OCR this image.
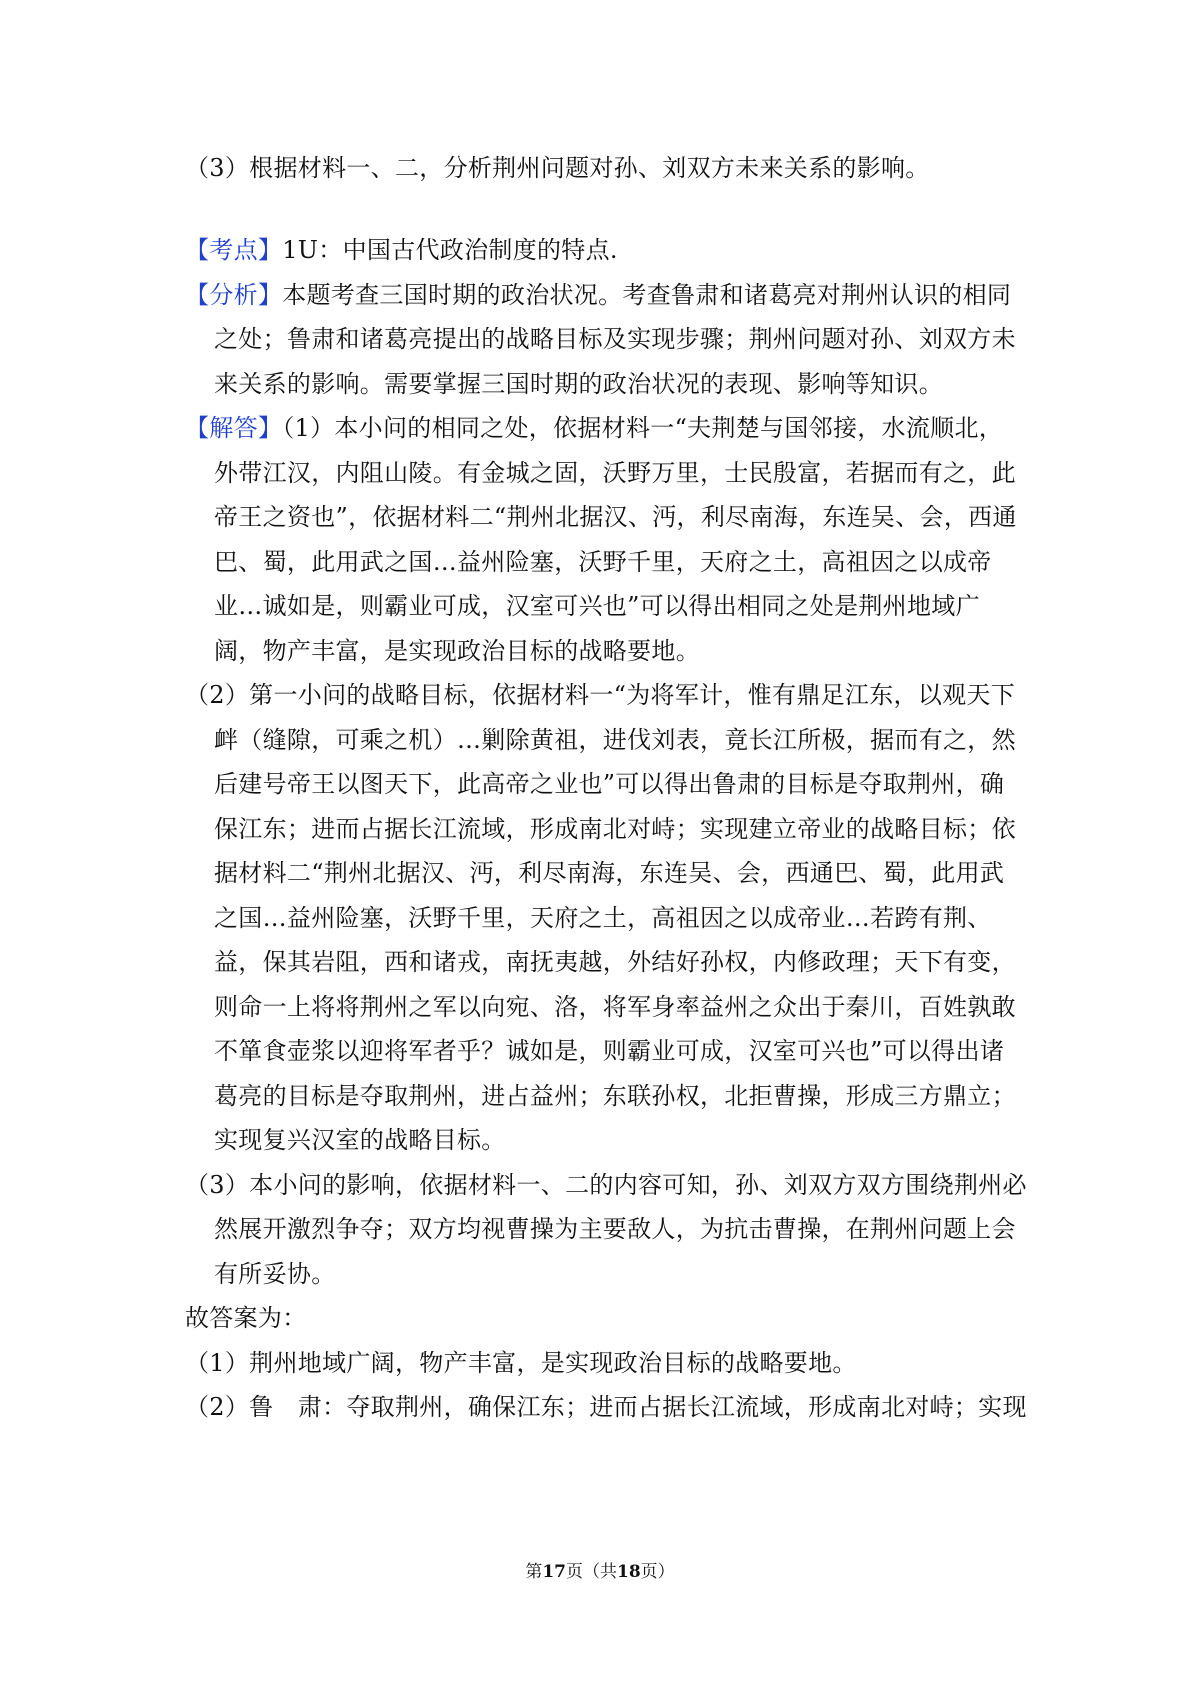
（3）根据材料一、二，分析荆州问题对孙、刘双方未来关系的影响。
【考点】1U：中国古代政治制度的特点.
【分析】本题考查三国时期的政治状况。考查鲁肃和诸葛亮对荆州认识的相同
之处；鲁肃和诸葛亮提出的战略目标及实现步骤；荆州问题对孙、刘双方未
来关系的影响。需要掌握三国时期的政治状况的表现、影响等知识。
【解答】（1）本小问的相同之处，依据材料一“夫荆楚与国邻接，水流顺北，
外带江汉，内阻山陵。有金城之固，沃野万里，士民殷富，若据而有之，此
帝王之资也”，依据材料二“荆州北据汉、沔，利尽南海，东连吴、会，西通
巴、蜀，此用武之国…益州险塞，沃野千里，天府之土，高祖因之以成帝
业…诚如是，则霸业可成，汉室可兴也”可以得出相同之处是荆州地域广
阔，物产丰富，是实现政治目标的战略要地。
（2）第一小问的战略目标，依据材料一“为将军计，惟有鼎足江东，以观天下
衅（缝隙，可乘之机）…剿除黄祖，进伐刘表，竟长江所极，据而有之，然
后建号帝王以图天下，此高帝之业也”可以得出鲁肃的目标是夺取荆州，确
保江东；进而占据长江流域，形成南北对峙；实现建立帝业的战略目标；依
据材料二“荆州北据汉、沔，利尽南海，东连吴、会，西通巴、蜀，此用武
之国…益州险塞，沃野千里，天府之土，高祖因之以成帝业…若跨有荆、
益，保其岩阻，西和诸戎，南抚夷越，外结好孙权，内修政理；天下有变，
则命一上将将荆州之军以向宛、洛，将军身率益州之众出于秦川，百姓孰敢
不箪食壶浆以迎将军者乎？诚如是，则霸业可成，汉室可兴也”可以得出诸
葛亮的目标是夺取荆州，进占益州；东联孙权，北拒曹操，形成三方鼎立；
实现复兴汉室的战略目标。
（3）本小问的影响，依据材料一、二的内容可知，孙、刘双方双方围绕荆州必
然展开激烈争夺；双方均视曹操为主要敌人，为抗击曹操，在荆州问题上会
有所妥协。
故答案为：
（1）荆州地域广阔，物产丰富，是实现政治目标的战略要地。
（2）鲁　肃：夺取荆州，确保江东；进而占据长江流域，形成南北对峙；实现
第17页（共18页）
